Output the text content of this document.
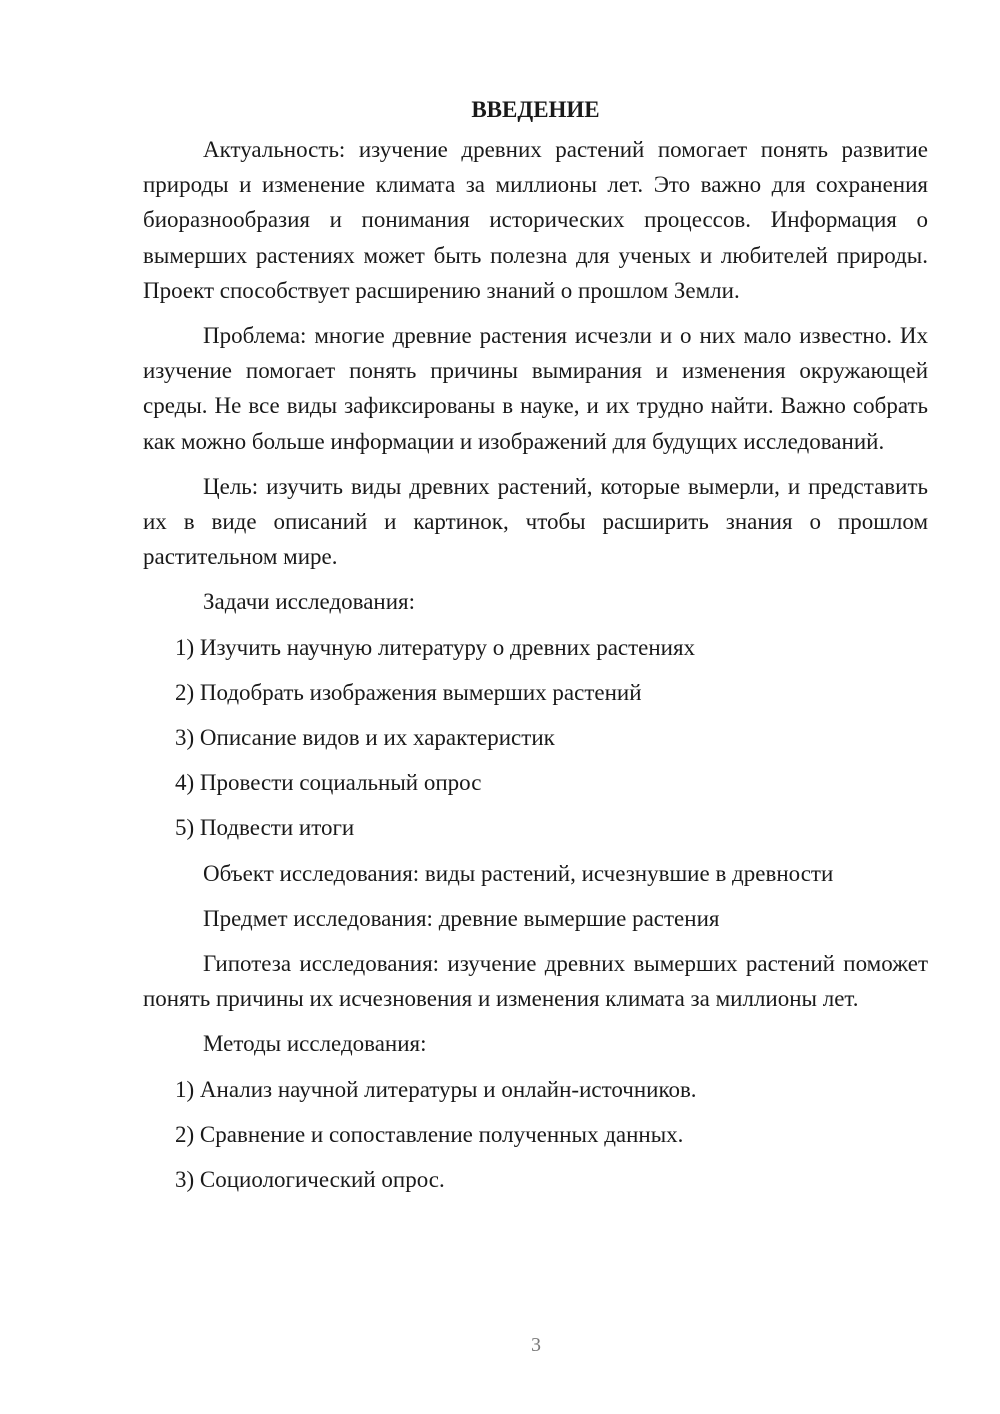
ВВЕДЕНИЕ

Актуальность: изучение древних растений помогает понять развитие природы и изменение климата за миллионы лет. Это важно для сохранения биоразнообразия и понимания исторических процессов. Информация о вымерших растениях может быть полезна для ученых и любителей природы. Проект способствует расширению знаний о прошлом Земли.

Проблема: многие древние растения исчезли и о них мало известно. Их изучение помогает понять причины вымирания и изменения окружающей среды. Не все виды зафиксированы в науке, и их трудно найти. Важно собрать как можно больше информации и изображений для будущих исследований.

Цель: изучить виды древних растений, которые вымерли, и представить их в виде описаний и картинок, чтобы расширить знания о прошлом растительном мире.

Задачи исследования:
1) Изучить научную литературу о древних растениях
2) Подобрать изображения вымерших растений
3) Описание видов и их характеристик
4) Провести социальный опрос
5) Подвести итоги
Объект исследования: виды растений, исчезнувшие в древности
Предмет исследования: древние вымершие растения

Гипотеза исследования: изучение древних вымерших растений поможет понять причины их исчезновения и изменения климата за миллионы лет.

Методы исследования:
1) Анализ научной литературы и онлайн-источников.
2) Сравнение и сопоставление полученных данных.
3) Социологический опрос.
3
